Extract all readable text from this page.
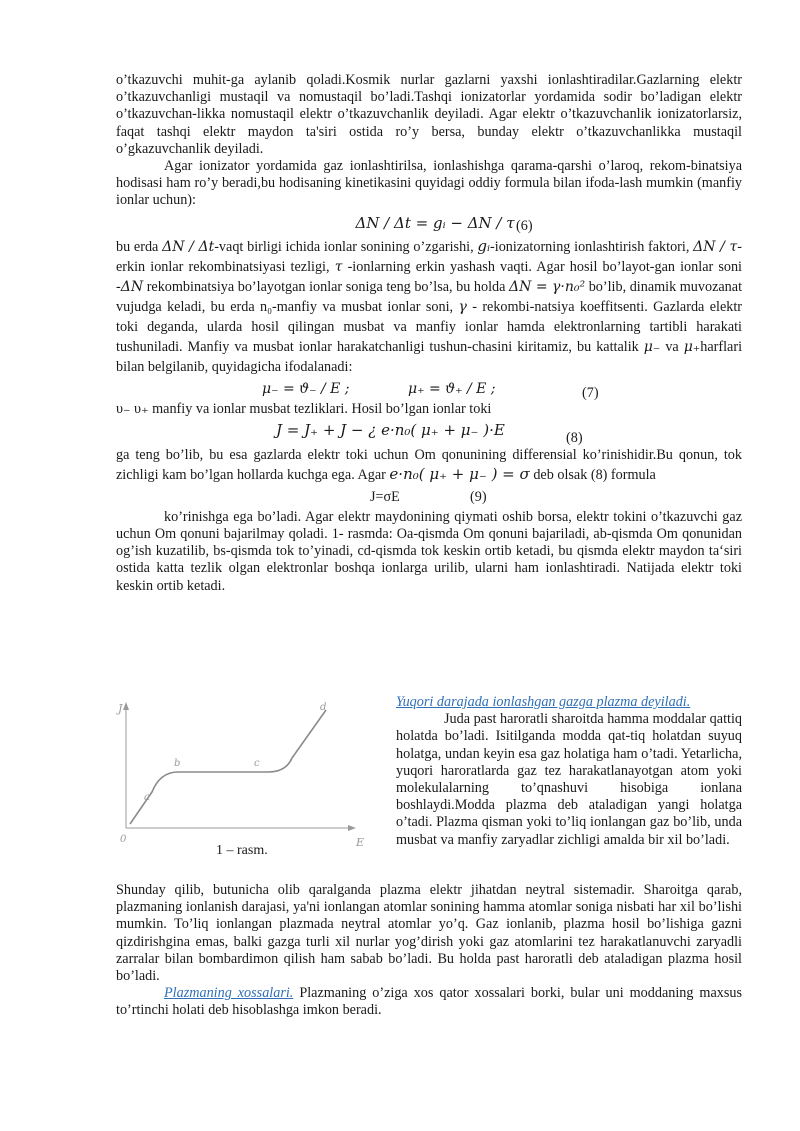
o’tkazuvchi muhit-ga aylanib qoladi.Kosmik nurlar gazlarni yaxshi ionlashtiradilar.Gazlarning elektr o’tkazuvchanligi mustaqil va nomustaqil bo’ladi.Tashqi ionizatorlar yordamida sodir bo’ladigan elektr o’tkazuvchan-likka nomustaqil elektr o’tkazuvchanlik deyiladi. Agar elektr o’tkazuvchanlik ionizatorlarsiz, faqat tashqi elektr maydon ta'siri ostida ro’y bersa, bunday elektr o’tkazuvchanlikka mustaqil o’gkazuvchanlik deyiladi.

Agar ionizator yordamida gaz ionlashtirilsa, ionlashishga qarama-qarshi o’laroq, rekom-binatsiya hodisasi ham ro’y beradi,bu hodisaning kinetikasini quyidagi oddiy formula bilan ifoda-lash mumkin (manfiy ionlar uchun):

ΔN / Δt = gᵢ − ΔN / τ (6)

bu erda ΔN / Δt-vaqt birligi ichida ionlar sonining o’zgarishi, gᵢ-ionizatorning ionlashtirish faktori, ΔN / τ-erkin ionlar rekombinatsiyasi tezligi, τ -ionlarning erkin yashash vaqti. Agar hosil bo’layot-gan ionlar soni -ΔN rekombinatsiya bo’layotgan ionlar soniga teng bo’lsa, bu holda ΔN = γ·n₀² bo’lib, dinamik muvozanat vujudga keladi, bu erda n₀-manfiy va musbat ionlar soni, γ - rekombi-natsiya koeffitsenti. Gazlarda elektr toki deganda, ularda hosil qilingan musbat va manfiy ionlar hamda elektronlarning tartibli harakati tushuniladi. Manfiy va musbat ionlar harakatchanligi tushun-chasini kiritamiz, bu kattalik μ₋ va μ₊harflari bilan belgilanib, quyidagicha ifodalanadi:

μ₋ = ϑ₋ / E ;	μ₊ = ϑ₊ / E ;	(7)

υ₋ υ₊ manfiy va ionlar musbat tezliklari. Hosil bo’lgan ionlar toki

J = J₊ + J − ¿ e·n₀( μ₊ + μ₋ )·E	(8)

ga teng bo’lib, bu esa gazlarda elektr toki uchun Om qonunining differensial ko’rinishidir.Bu qonun, tok zichligi kam bo’lgan hollarda kuchga ega. Agar e·n₀( μ₊ + μ₋ ) = σ deb olsak (8) formula

J=σE	(9)

ko’rinishga ega bo’ladi. Agar elektr maydonining qiymati oshib borsa, elektr tokini o’tkazuvchi gaz uchun Om qonuni bajarilmay qoladi. 1- rasmda: Oa-qismda Om qonuni bajariladi, ab-qismda Om qonunidan og’ish kuzatilib, bs-qismda tok to’yinadi, cd-qismda tok keskin ortib ketadi, bu qismda elektr maydon ta‘siri ostida katta tezlik olgan elektronlar boshqa ionlarga urilib, ularni ham ionlashtiradi. Natijada elektr toki keskin ortib ketadi.

J
E
0
a
b	c
d
1 – rasm.

Yuqori darajada ionlashgan gazga plazma deyiladi.

Juda past haroratli sharoitda hamma moddalar qattiq holatda bo’ladi. Isitilganda modda qat-tiq holatdan suyuq holatga, undan keyin esa gaz holatiga ham o’tadi. Yetarlicha, yuqori haroratlarda gaz tez harakatlanayotgan atom yoki molekulalarning to’qnashuvi hisobiga ionlana boshlaydi.Modda plazma deb ataladigan yangi holatga o’tadi. Plazma qisman yoki to’liq ionlangan gaz bo’lib, unda musbat va manfiy zaryadlar zichligi amalda bir xil bo’ladi.

Shunday qilib, butunicha olib qaralganda plazma elektr jihatdan neytral sistemadir. Sharoitga qarab, plazmaning ionlanish darajasi, ya'ni ionlangan atomlar sonining hamma atomlar soniga nisbati har xil bo’lishi mumkin. To’liq ionlangan plazmada neytral atomlar yo’q. Gaz ionlanib, plazma hosil bo’lishiga gazni qizdirishgina emas, balki gazga turli xil nurlar yog’dirish yoki gaz atomlarini tez harakatlanuvchi zaryadli zarralar bilan bombardimon qilish ham sabab bo’ladi. Bu holda past haroratli deb ataladigan plazma hosil bo’ladi.

Plazmaning xossalari. Plazmaning o’ziga xos qator xossalari borki, bular uni moddaning maxsus to’rtinchi holati deb hisoblashga imkon beradi.
